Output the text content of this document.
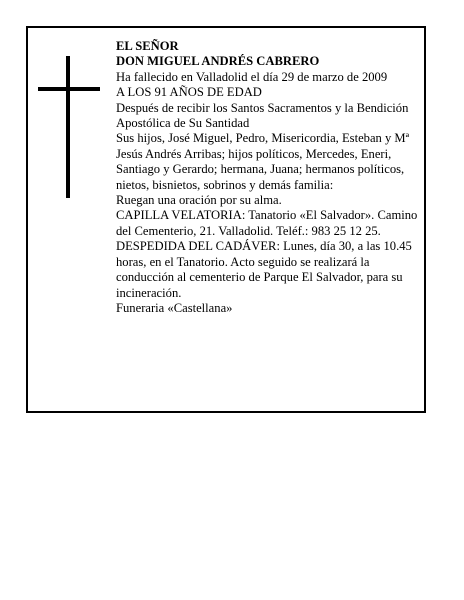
EL SEÑOR

DON MIGUEL ANDRÉS CABRERO

Ha fallecido en Valladolid el día 29 de marzo de 2009

A LOS 91 AÑOS DE EDAD

Después de recibir los Santos Sacramentos y la Bendición Apostólica de Su Santidad

Sus hijos, José Miguel, Pedro, Misericordia, Esteban y Mª Jesús Andrés Arribas; hijos políticos, Mercedes, Eneri, Santiago y Gerardo; hermana, Juana; hermanos políticos, nietos, bisnietos, sobrinos y demás familia:

Ruegan una oración por su alma.

CAPILLA VELATORIA: Tanatorio «El Salvador». Camino del Cementerio, 21. Valladolid. Teléf.: 983 25 12 25.

DESPEDIDA DEL CADÁVER: Lunes, día 30, a las 10.45 horas, en el Tanatorio. Acto seguido se realizará la conducción al cementerio de Parque El Salvador, para su incineración.

Funeraria «Castellana»
